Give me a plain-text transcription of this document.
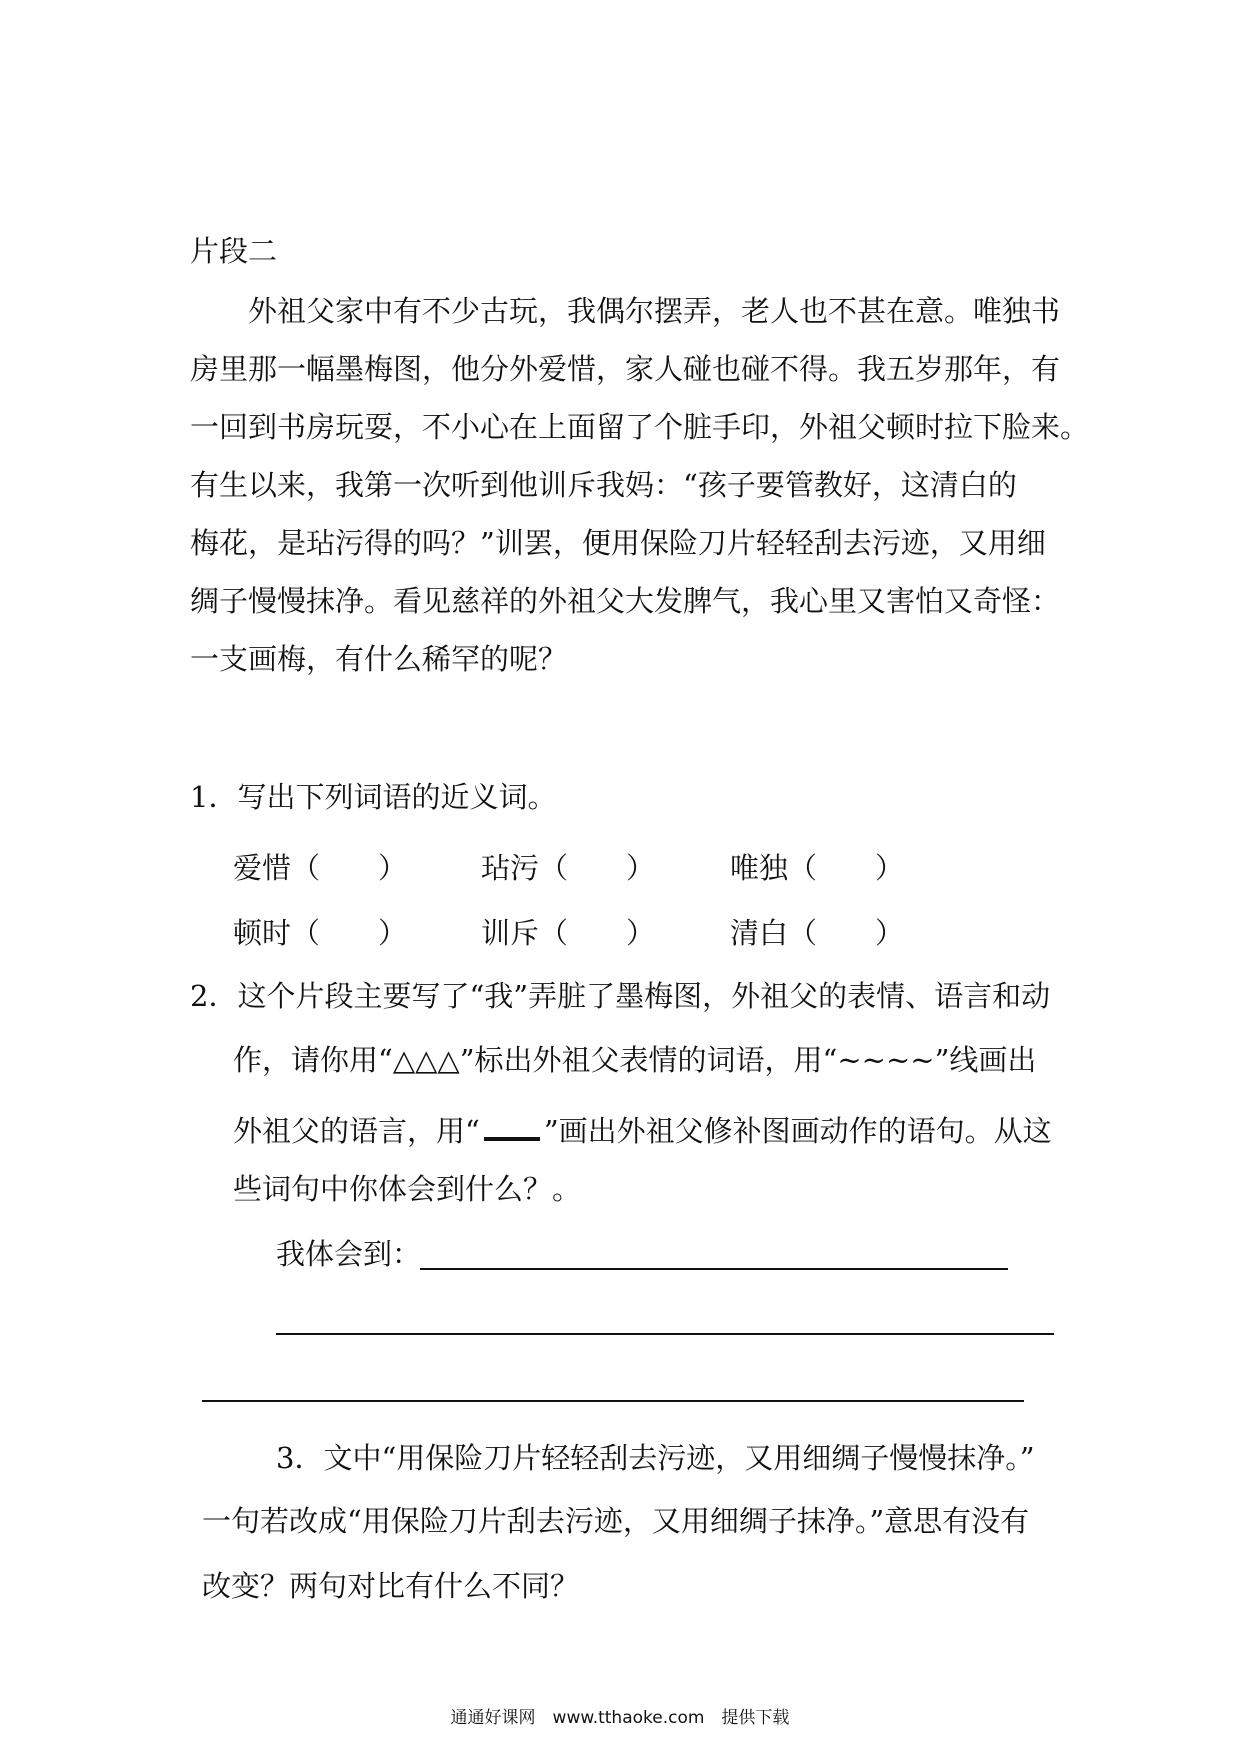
片段二
外祖父家中有不少古玩，我偶尔摆弄，老人也不甚在意。唯独书
房里那一幅墨梅图，他分外爱惜，家人碰也碰不得。我五岁那年，有
一回到书房玩耍，不小心在上面留了个脏手印，外祖父顿时拉下脸来。
有生以来，我第一次听到他训斥我妈：“孩子要管教好，这清白的
梅花，是玷污得的吗？”训罢，便用保险刀片轻轻刮去污迹，又用细
绸子慢慢抹净。看见慈祥的外祖父大发脾气，我心里又害怕又奇怪：
一支画梅，有什么稀罕的呢？
1．写出下列词语的近义词。
爱惜（　　）	玷污（　　）	唯独（　　）
顿时（　　）	训斥（　　）	清白（　　）
2．这个片段主要写了“我”弄脏了墨梅图，外祖父的表情、语言和动
作，请你用“△△△”标出外祖父表情的词语，用“~~~~”线画出
外祖父的语言，用“ ”画出外祖父修补图画动作的语句。从这
些词句中你体会到什么？。
我体会到：
3．文中“用保险刀片轻轻刮去污迹，又用细绸子慢慢抹净。”
一句若改成“用保险刀片刮去污迹，又用细绸子抹净。”意思有没有
改变？两句对比有什么不同？
通通好课网　www.tthaoke.com　提供下载
